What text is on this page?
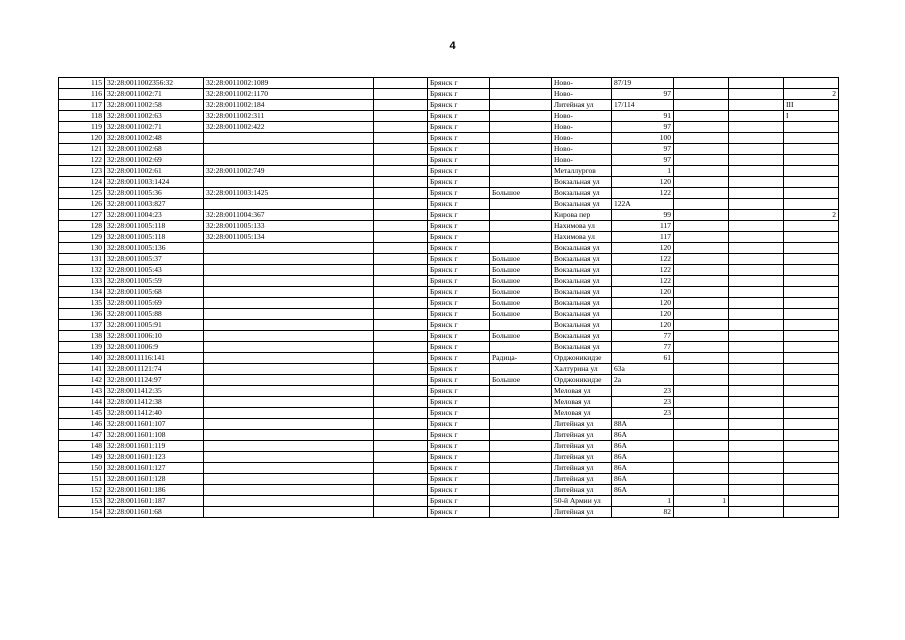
4
115	32:28:0011002356:32	32:28:0011002:1089		Брянск г		Ново-	87/19			
116	32:28:0011002:71	32:28:0011002:1170		Брянск г		Ново-	97			2
117	32:28:0011002:58	32:28:0011002:184		Брянск г		Литейная ул	17/114			III
118	32:28:0011002:63	32:28:0011002:311		Брянск г		Ново-	91			I
119	32:28:0011002:71	32:28:0011002:422		Брянск г		Ново-	97			
120	32:28:0011002:48			Брянск г		Ново-	100			
121	32:28:0011002:68			Брянск г		Ново-	97			
122	32:28:0011002:69			Брянск г		Ново-	97			
123	32:28:0011002:61	32:28:0011002:749		Брянск г		Металлургов	1			
124	32:28:0011003:1424			Брянск г		Вокзальная ул	120			
125	32:28:0011005:36	32:28:0011003:1425		Брянск г	Большое	Вокзальная ул	122			
126	32:28:0011003:827			Брянск г		Вокзальная ул	122А			
127	32:28:0011004:23	32:28:0011004:367		Брянск г		Кирова пер	99			2
128	32:28:0011005:118	32:28:0011005:133		Брянск г		Нахимова ул	117			
129	32:28:0011005:118	32:28:0011005:134		Брянск г		Нахимова ул	117			
130	32:28:0011005:136			Брянск г		Вокзальная ул	120			
131	32:28:0011005:37			Брянск г	Большое	Вокзальная ул	122			
132	32:28:0011005:43			Брянск г	Большое	Вокзальная ул	122			
133	32:28:0011005:59			Брянск г	Большое	Вокзальная ул	122			
134	32:28:0011005:68			Брянск г	Большое	Вокзальная ул	120			
135	32:28:0011005:69			Брянск г	Большое	Вокзальная ул	120			
136	32:28:0011005:88			Брянск г	Большое	Вокзальная ул	120			
137	32:28:0011005:91			Брянск г		Вокзальная ул	120			
138	32:28:0011006:10			Брянск г	Большое	Вокзальная ул	77			
139	32:28:0011006:9			Брянск г		Вокзальная ул	77			
140	32:28:0011116:141			Брянск г	Радица-	Орджоникидзе	61			
141	32:28:0011121:74			Брянск г		Халтурина ул	63а			
142	32:28:0011124:97			Брянск г	Большое	Орджоникидзе	2а			
143	32:28:0011412:35			Брянск г		Меловая ул	23			
144	32:28:0011412:38			Брянск г		Меловая ул	23			
145	32:28:0011412:40			Брянск г		Меловая ул	23			
146	32:28:0011601:107			Брянск г		Литейная ул	88А			
147	32:28:0011601:108			Брянск г		Литейная ул	86А			
148	32:28:0011601:119			Брянск г		Литейная ул	86А			
149	32:28:0011601:123			Брянск г		Литейная ул	86А			
150	32:28:0011601:127			Брянск г		Литейная ул	86А			
151	32:28:0011601:128			Брянск г		Литейная ул	86А			
152	32:28:0011601:186			Брянск г		Литейная ул	86А			
153	32:28:0011601:187			Брянск г		50-й Армии ул	1	1		
154	32:28:0011601:68			Брянск г		Литейная ул	82			
